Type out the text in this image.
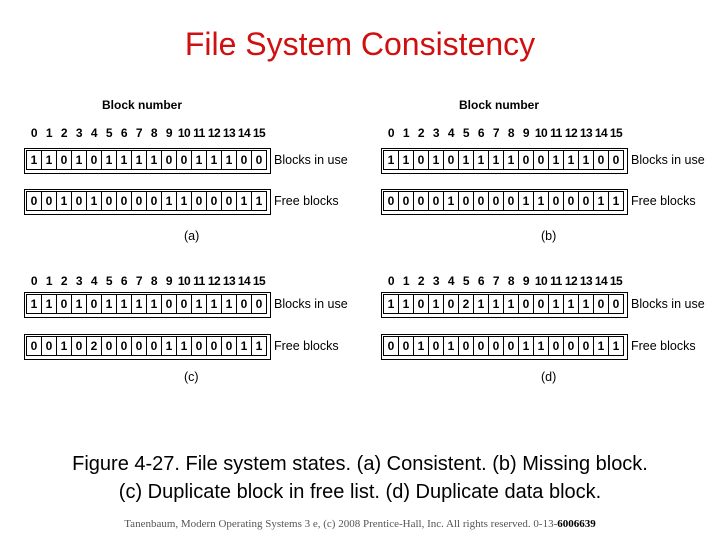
File System Consistency
Block number
0 1 2 3 4 5 6 7 8 9 10 11 12 13 14 15
1 1 0 1 0 1 1 1 1 0 0 1 1 1 0 0 Blocks in use
0 0 1 0 1 0 0 0 0 1 1 0 0 0 1 1 Free blocks
(a)
Block number
0 1 2 3 4 5 6 7 8 9 10 11 12 13 14 15
1 1 0 1 0 1 1 1 1 0 0 1 1 1 0 0 Blocks in use
0 0 0 0 1 0 0 0 0 1 1 0 0 0 1 1 Free blocks
(b)
0 1 2 3 4 5 6 7 8 9 10 11 12 13 14 15
1 1 0 1 0 1 1 1 1 0 0 1 1 1 0 0 Blocks in use
0 0 1 0 2 0 0 0 0 1 1 0 0 0 1 1 Free blocks
(c)
0 1 2 3 4 5 6 7 8 9 10 11 12 13 14 15
1 1 0 1 0 2 1 1 1 0 0 1 1 1 0 0 Blocks in use
0 0 1 0 1 0 0 0 0 1 1 0 0 0 1 1 Free blocks
(d)
Figure 4-27. File system states. (a) Consistent. (b) Missing block.
(c) Duplicate block in free list. (d) Duplicate data block.
Tanenbaum, Modern Operating Systems 3 e, (c) 2008 Prentice-Hall, Inc. All rights reserved. 0-13-6006639
